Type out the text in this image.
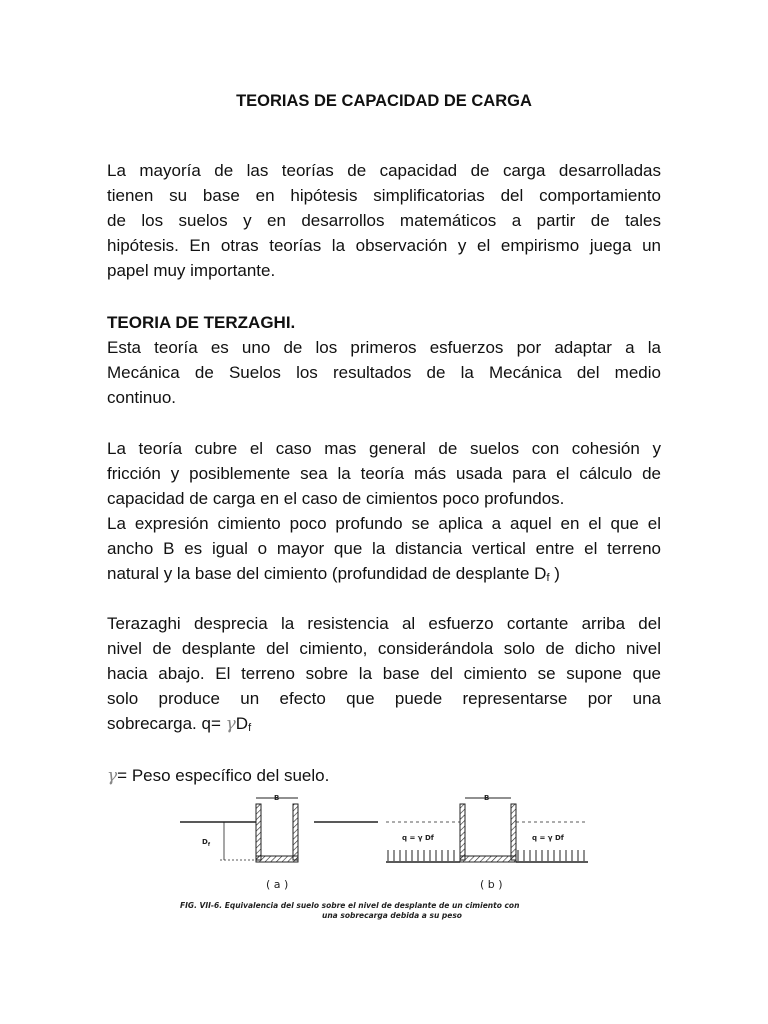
TEORIAS DE CAPACIDAD DE CARGA
La mayoría de las teorías de capacidad de carga desarrolladas
tienen su base en hipótesis simplificatorias del comportamiento
de los suelos y en desarrollos matemáticos a partir de tales
hipótesis. En otras teorías la observación y el empirismo juega un
papel muy importante.
TEORIA DE TERZAGHI.
Esta teoría es uno de los primeros esfuerzos por adaptar a la
Mecánica de Suelos los resultados de la Mecánica del medio
continuo.
La teoría cubre el caso mas general de suelos con cohesión y
fricción y posiblemente sea la teoría más usada para el cálculo de
capacidad de carga en el caso de cimientos poco profundos.
La expresión cimiento poco profundo se aplica a aquel en el que el
ancho B es igual o mayor que la distancia vertical entre el terreno
natural y la base del cimiento (profundidad de desplante Df )
Terazaghi desprecia la resistencia al esfuerzo cortante arriba del
nivel de desplante del cimiento, considerándola solo de dicho nivel
hacia abajo. El terreno sobre la base del cimiento se supone que
solo produce un efecto que puede representarse por una
sobrecarga. q= γDf
γ= Peso específico del suelo.
B
$D_f$
( a )
B
q = γ Df	q = γ Df
( b )
FIG. VII-6. Equivalencia del suelo sobre el nivel de desplante de un cimiento con
una sobrecarga debida a su peso
